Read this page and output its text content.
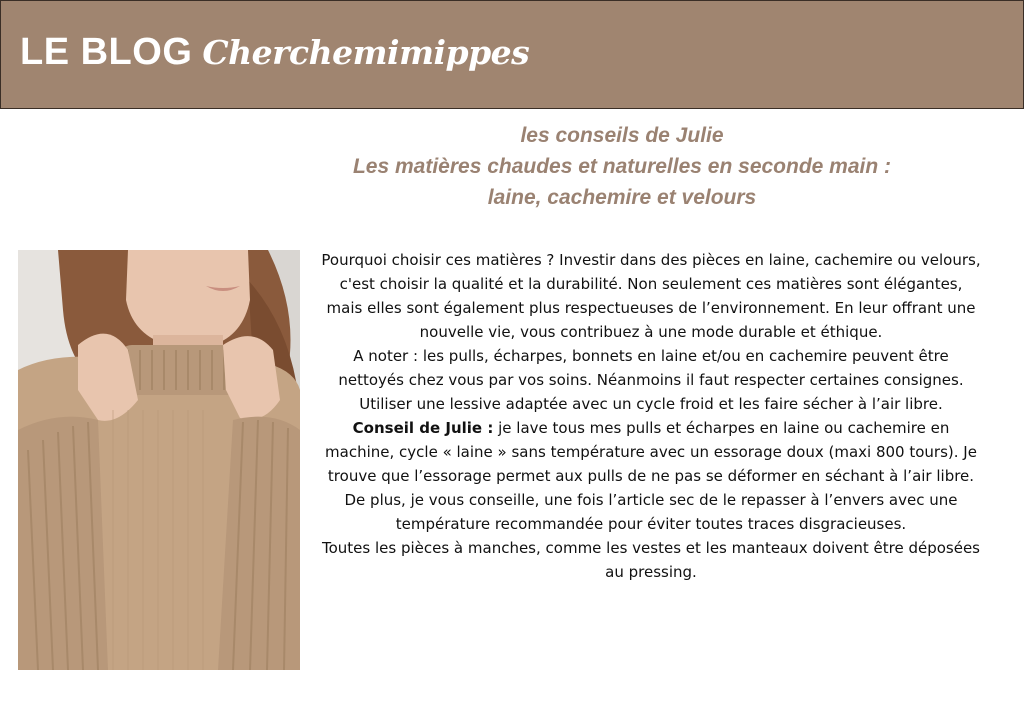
LE BLOG Cherchemimippes
les conseils de Julie
Les matières chaudes et naturelles en seconde main :
laine, cachemire et velours

Pourquoi choisir ces matières ? Investir dans des pièces en laine, cachemire ou velours, c'est choisir la qualité et la durabilité. Non seulement ces matières sont élégantes, mais elles sont également plus respectueuses de l’environnement. En leur offrant une nouvelle vie, vous contribuez à une mode durable et éthique.

A noter : les pulls, écharpes, bonnets en laine et/ou en cachemire peuvent être nettoyés chez vous par vos soins. Néanmoins il faut respecter certaines consignes. Utiliser une lessive adaptée avec un cycle froid et les faire sécher à l’air libre.

Conseil de Julie : je lave tous mes pulls et écharpes en laine ou cachemire en machine, cycle « laine » sans température avec un essorage doux (maxi 800 tours). Je trouve que l’essorage permet aux pulls de ne pas se déformer en séchant à l’air libre.

De plus, je vous conseille, une fois l’article sec de le repasser à l’envers avec une température recommandée pour éviter toutes traces disgracieuses.

Toutes les pièces à manches, comme les vestes et les manteaux doivent être déposées au pressing.
